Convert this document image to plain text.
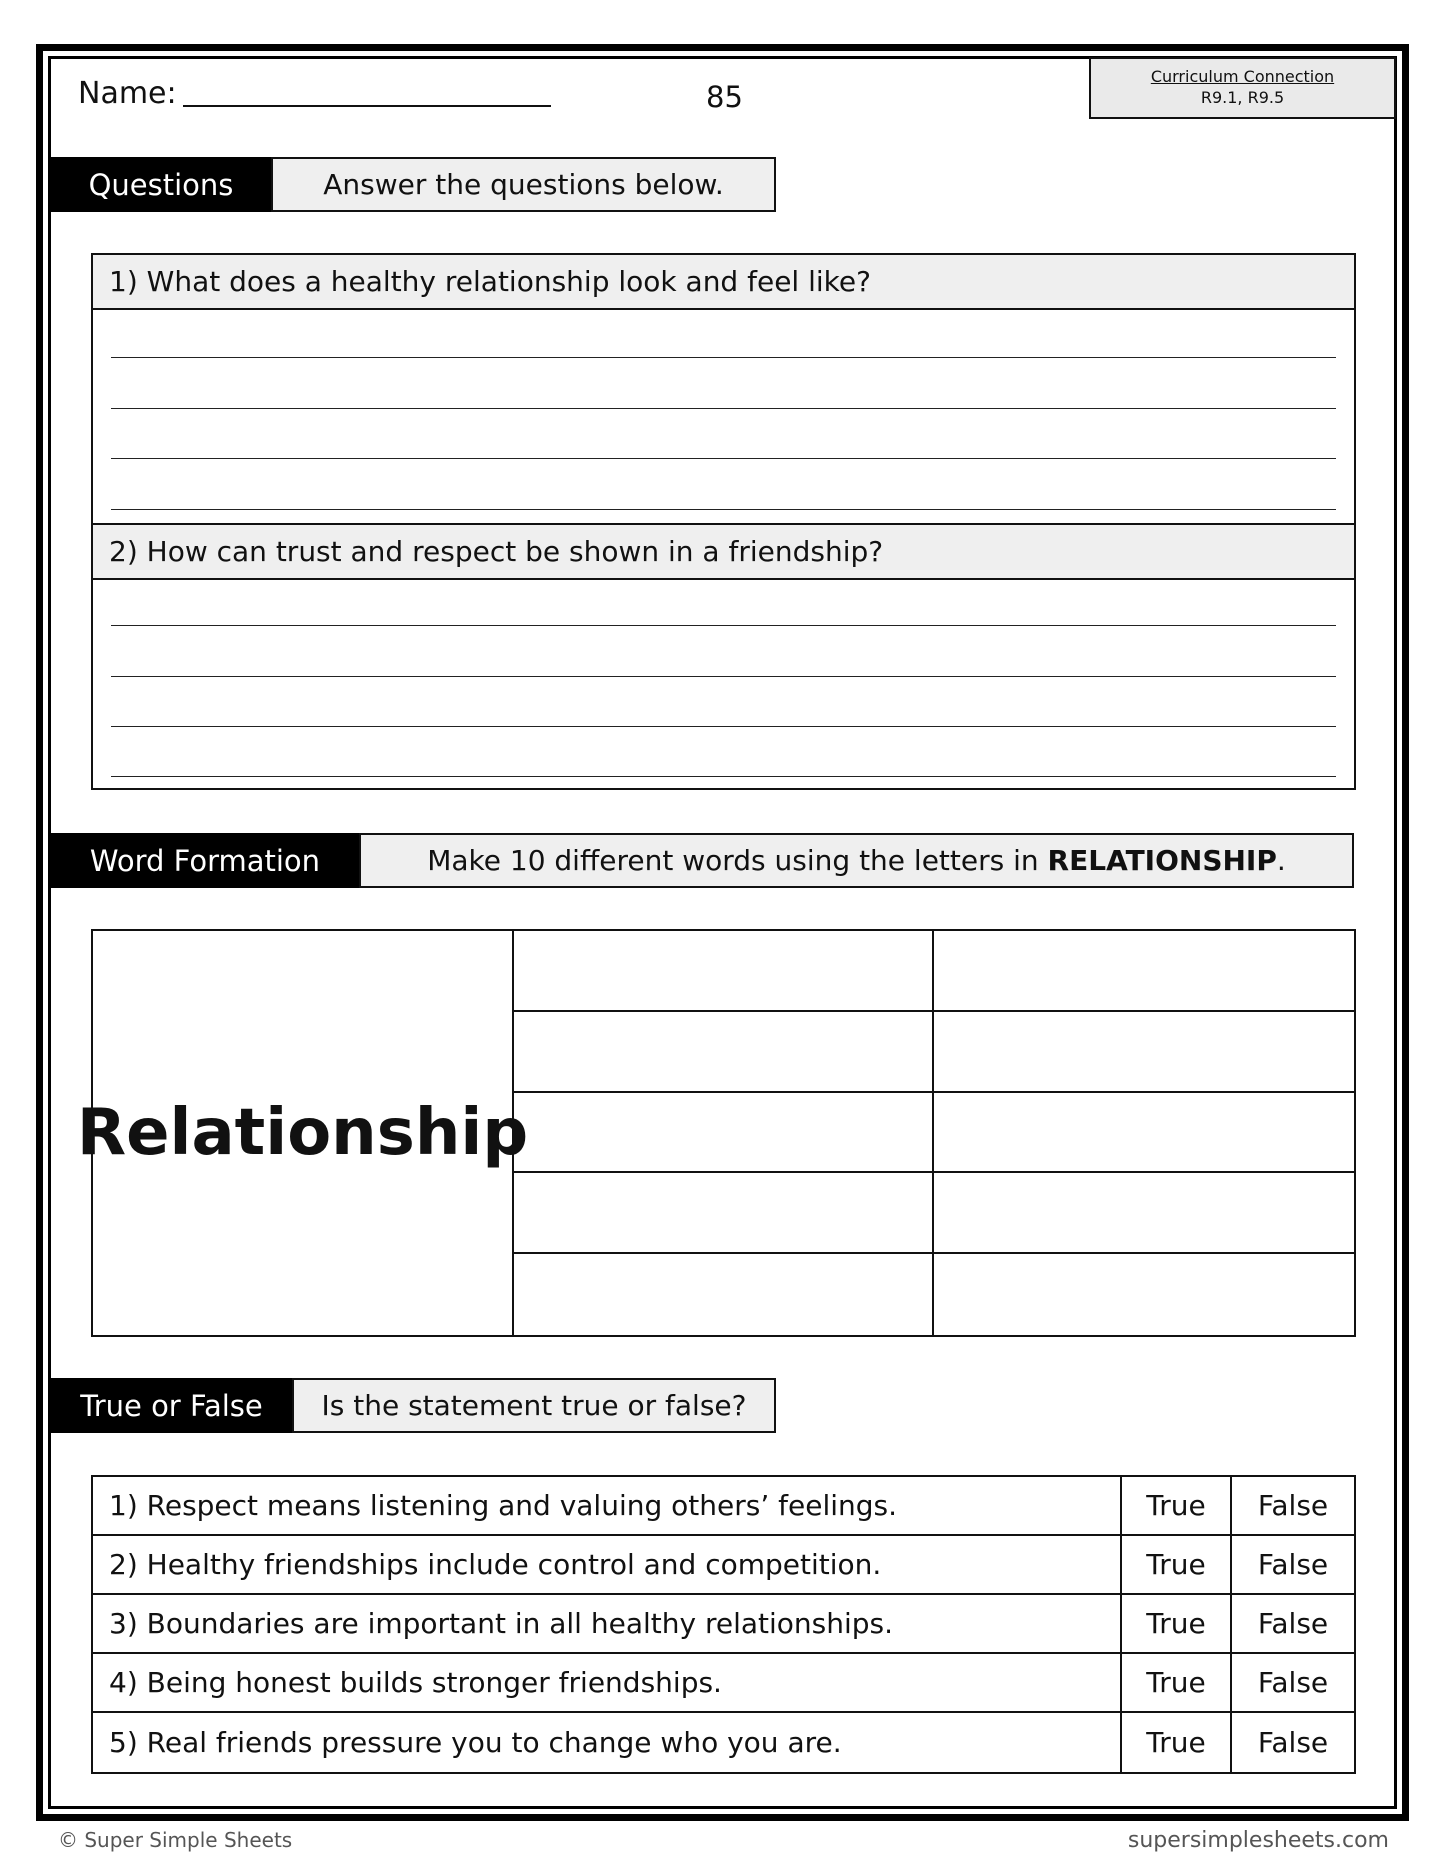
Name:	85
Curriculum Connection
R9.1, R9.5
Questions	Answer the questions below.
1) What does a healthy relationship look and feel like?
2) How can trust and respect be shown in a friendship?
Word Formation	Make 10 different words using the letters in RELATIONSHIP .
Relationship
True or False	Is the statement true or false?
1) Respect means listening and valuing others’ feelings.	True	False
2) Healthy friendships include control and competition.	True	False
3) Boundaries are important in all healthy relationships.	True	False
4) Being honest builds stronger friendships.	True	False
5) Real friends pressure you to change who you are.	True	False
© Super Simple Sheets	supersimplesheets.com
